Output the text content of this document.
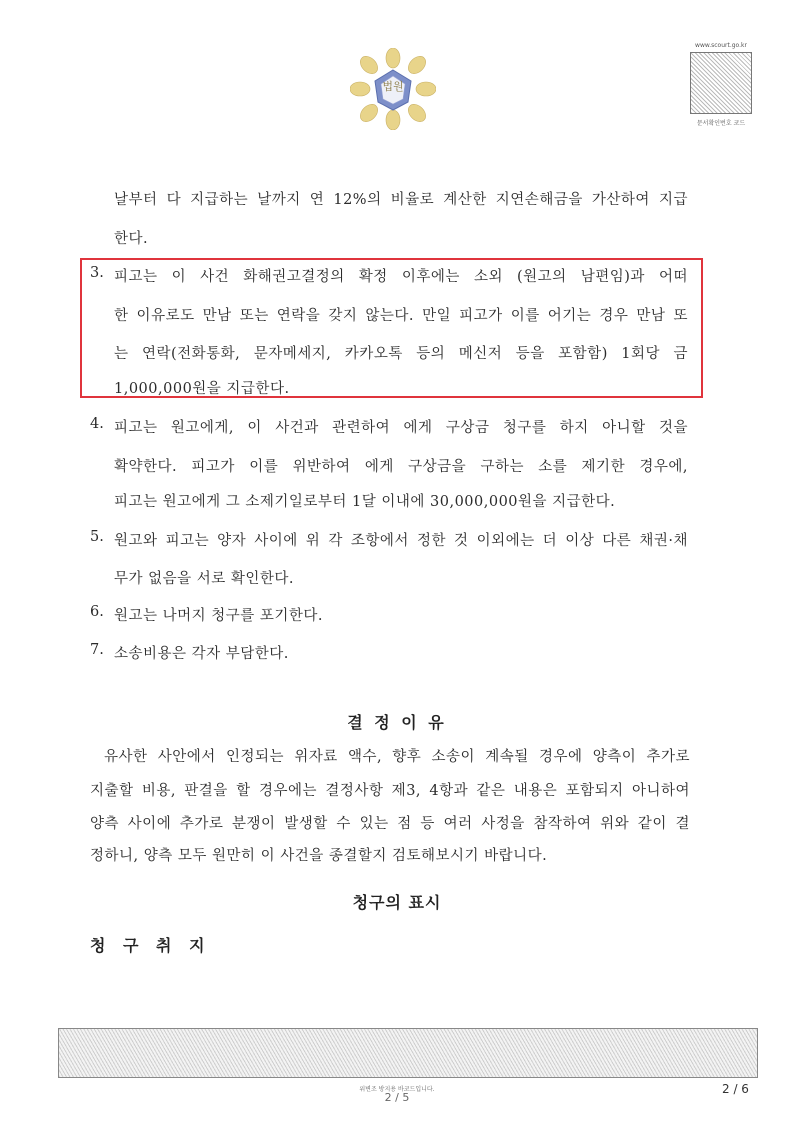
법원
www.scourt.go.kr
문서확인번호 코드
날부터 다 지급하는 날까지 연 12%의 비율로 계산한 지연손해금을 가산하여 지급
한다.
3. 피고는 이 사건 화해권고결정의 확정 이후에는 소외 (원고의 남편임)과 어떠
한 이유로도 만남 또는 연락을 갖지 않는다. 만일 피고가 이를 어기는 경우 만남 또
는 연락(전화통화, 문자메세지, 카카오톡 등의 메신저 등을 포함함) 1회당 금
1,000,000원을 지급한다.
4. 피고는 원고에게, 이 사건과 관련하여 에게 구상금 청구를 하지 아니할 것을
확약한다. 피고가 이를 위반하여 에게 구상금을 구하는 소를 제기한 경우에,
피고는 원고에게 그 소제기일로부터 1달 이내에 30,000,000원을 지급한다.
5. 원고와 피고는 양자 사이에 위 각 조항에서 정한 것 이외에는 더 이상 다른 채권·채
무가 없음을 서로 확인한다.
6. 원고는 나머지 청구를 포기한다.
7. 소송비용은 각자 부담한다.
결 정 이 유
유사한 사안에서 인정되는 위자료 액수, 향후 소송이 계속될 경우에 양측이 추가로
지출할 비용, 판결을 할 경우에는 결정사항 제3, 4항과 같은 내용은 포함되지 아니하여
양측 사이에 추가로 분쟁이 발생할 수 있는 점 등 여러 사정을 참작하여 위와 같이 결
정하니, 양측 모두 원만히 이 사건을 종결할지 검토해보시기 바랍니다.
청구의 표시
청 구 취 지
위변조 방지용 바코드입니다.
2 / 5
2 / 6
